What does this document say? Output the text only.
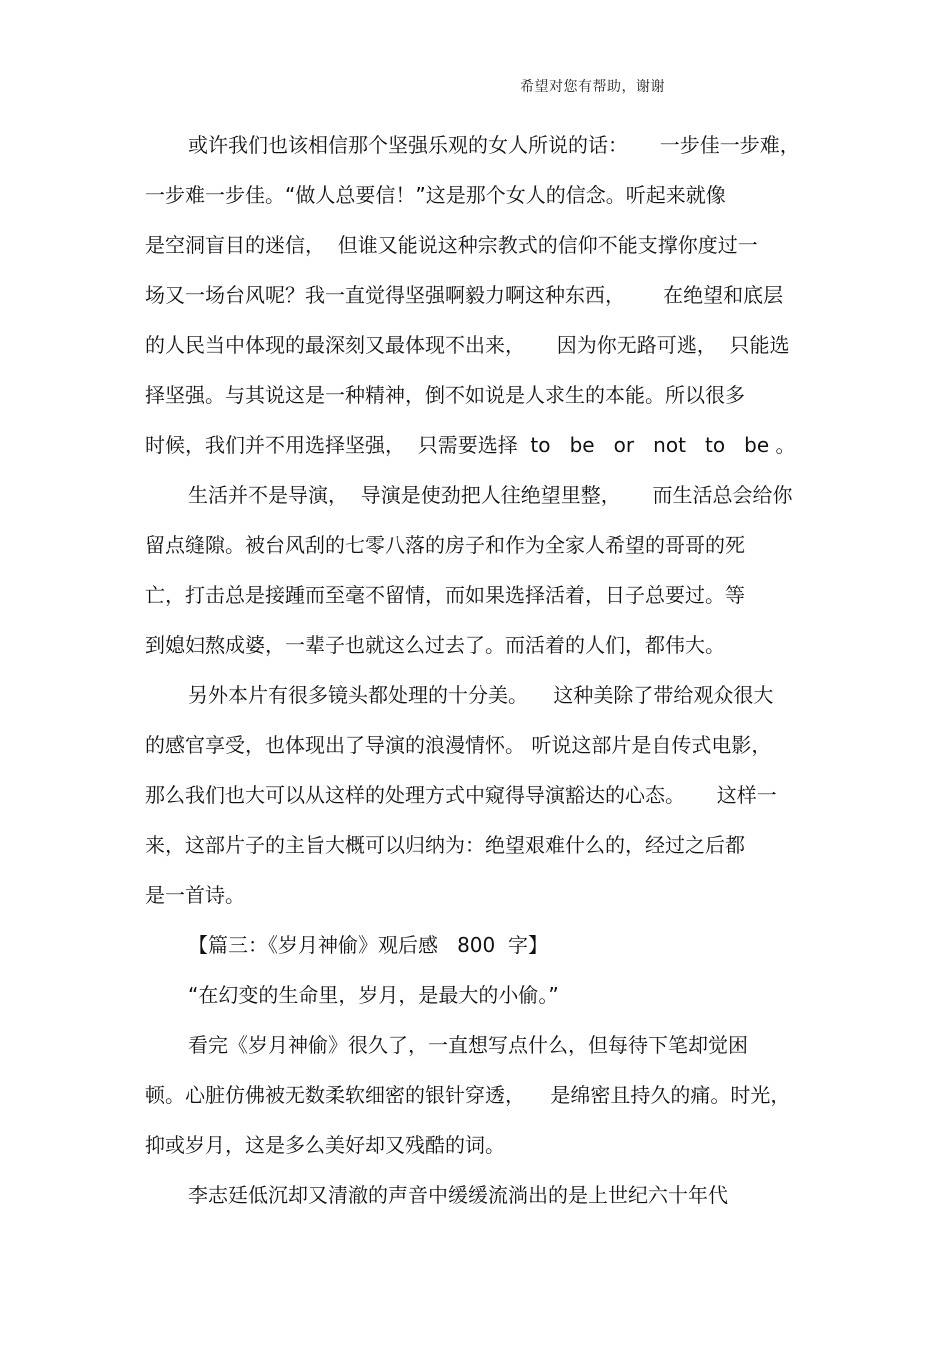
希望对您有帮助，谢谢
或许我们也该相信那个坚强乐观的女人所说的话：     一步佳一步难，
一步难一步佳。“做人总要信！”这是那个女人的信念。听起来就像
是空洞盲目的迷信，  但谁又能说这种宗教式的信仰不能支撑你度过一
场又一场台风呢？我一直觉得坚强啊毅力啊这种东西，      在绝望和底层
的人民当中体现的最深刻又最体现不出来，     因为你无路可逃，  只能选
择坚强。与其说这是一种精神，倒不如说是人求生的本能。所以很多
时候，我们并不用选择坚强，  只需要选择  to   be   or   not   to   be 。
生活并不是导演，  导演是使劲把人往绝望里整，     而生活总会给你
留点缝隙。被台风刮的七零八落的房子和作为全家人希望的哥哥的死
亡，打击总是接踵而至毫不留情，而如果选择活着，日子总要过。等
到媳妇熬成婆，一辈子也就这么过去了。而活着的人们，都伟大。
另外本片有很多镜头都处理的十分美。    这种美除了带给观众很大
的感官享受，也体现出了导演的浪漫情怀。 听说这部片是自传式电影，
那么我们也大可以从这样的处理方式中窥得导演豁达的心态。     这样一
来，这部片子的主旨大概可以归纳为：绝望艰难什么的，经过之后都
是一首诗。
【篇三：《岁月神偷》观后感   800  字】
“在幻变的生命里，岁月，是最大的小偷。”
看完《岁月神偷》很久了，一直想写点什么，但每待下笔却觉困
顿。心脏仿佛被无数柔软细密的银针穿透，    是绵密且持久的痛。时光，
抑或岁月，这是多么美好却又残酷的词。
李志廷低沉却又清澈的声音中缓缓流淌出的是上世纪六十年代
